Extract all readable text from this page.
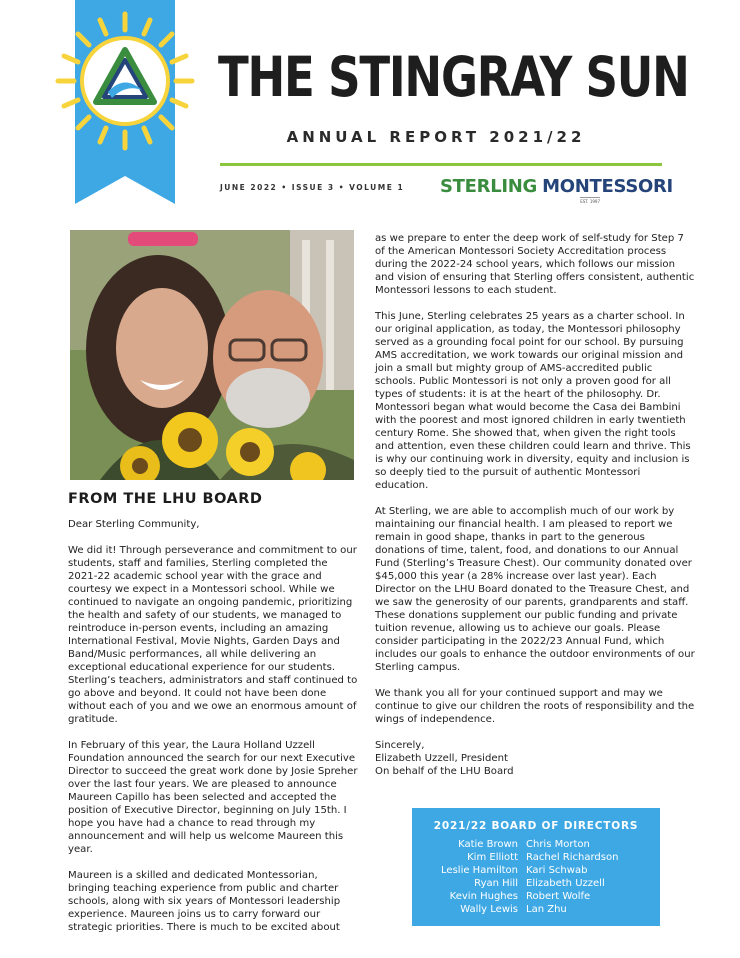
THE STINGRAY SUN
ANNUAL REPORT 2021/22
JUNE 2022 • ISSUE 3 • VOLUME 1 STERLING MONTESSORI
EST. 1997
FROM THE LHU BOARD

Dear Sterling Community,

We did it! Through perseverance and commitment to our students, staff and families, Sterling completed the 2021-22 academic school year with the grace and courtesy we expect in a Montessori school. While we continued to navigate an ongoing pandemic, prioritizing the health and safety of our students, we managed to reintroduce in-person events, including an amazing International Festival, Movie Nights, Garden Days and Band/Music performances, all while delivering an exceptional educational experience for our students. Sterling’s teachers, administrators and staff continued to go above and beyond. It could not have been done without each of you and we owe an enormous amount of gratitude.

In February of this year, the Laura Holland Uzzell Foundation announced the search for our next Executive Director to succeed the great work done by Josie Spreher over the last four years. We are pleased to announce Maureen Capillo has been selected and accepted the position of Executive Director, beginning on July 15th. I hope you have had a chance to read through my announcement and will help us welcome Maureen this year.

Maureen is a skilled and dedicated Montessorian, bringing teaching experience from public and charter schools, along with six years of Montessori leadership experience. Maureen joins us to carry forward our strategic priorities. There is much to be excited about

as we prepare to enter the deep work of self-study for Step 7 of the American Montessori Society Accreditation process during the 2022-24 school years, which follows our mission and vision of ensuring that Sterling offers consistent, authentic Montessori lessons to each student.

This June, Sterling celebrates 25 years as a charter school. In our original application, as today, the Montessori philosophy served as a grounding focal point for our school. By pursuing AMS accreditation, we work towards our original mission and join a small but mighty group of AMS-accredited public schools. Public Montessori is not only a proven good for all types of students: it is at the heart of the philosophy. Dr. Montessori began what would become the Casa dei Bambini with the poorest and most ignored children in early twentieth century Rome. She showed that, when given the right tools and attention, even these children could learn and thrive. This is why our continuing work in diversity, equity and inclusion is so deeply tied to the pursuit of authentic Montessori education.

At Sterling, we are able to accomplish much of our work by maintaining our financial health. I am pleased to report we remain in good shape, thanks in part to the generous donations of time, talent, food, and donations to our Annual Fund (Sterling’s Treasure Chest). Our community donated over $45,000 this year (a 28% increase over last year). Each Director on the LHU Board donated to the Treasure Chest, and we saw the generosity of our parents, grandparents and staff. These donations supplement our public funding and private tuition revenue, allowing us to achieve our goals. Please consider participating in the 2022/23 Annual Fund, which includes our goals to enhance the outdoor environments of our Sterling campus.

We thank you all for your continued support and may we continue to give our children the roots of responsibility and the wings of independence.

Sincerely,
Elizabeth Uzzell, President
On behalf of the LHU Board
2021/22 BOARD OF DIRECTORS
Katie Brown
Kim Elliott
Leslie Hamilton
Ryan Hill
Kevin Hughes
Wally Lewis
Chris Morton
Rachel Richardson
Kari Schwab
Elizabeth Uzzell
Robert Wolfe
Lan Zhu
